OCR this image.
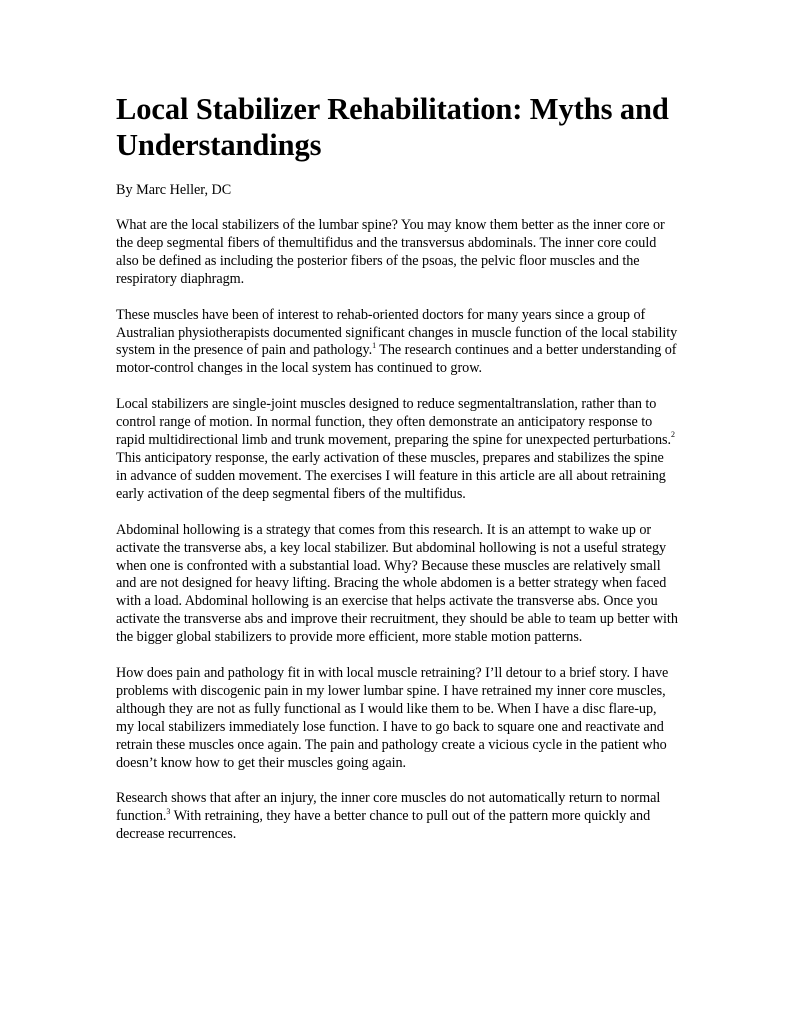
Local Stabilizer Rehabilitation: Myths and Understandings
By Marc Heller, DC

What are the local stabilizers of the lumbar spine? You may know them better as the inner core or the deep segmental fibers of themultifidus and the transversus abdominals. The inner core could also be defined as including the posterior fibers of the psoas, the pelvic floor muscles and the respiratory diaphragm.

These muscles have been of interest to rehab-oriented doctors for many years since a group of Australian physiotherapists documented significant changes in muscle function of the local stability system in the presence of pain and pathology.$^1$ The research continues and a better understanding of motor-control changes in the local system has continued to grow.

Local stabilizers are single-joint muscles designed to reduce segmentaltranslation, rather than to control range of motion. In normal function, they often demonstrate an anticipatory response to rapid multidirectional limb and trunk movement, preparing the spine for unexpected perturbations.$^2$ This anticipatory response, the early activation of these muscles, prepares and stabilizes the spine in advance of sudden movement. The exercises I will feature in this article are all about retraining early activation of the deep segmental fibers of the multifidus.

Abdominal hollowing is a strategy that comes from this research. It is an attempt to wake up or activate the transverse abs, a key local stabilizer. But abdominal hollowing is not a useful strategy when one is confronted with a substantial load. Why? Because these muscles are relatively small and are not designed for heavy lifting. Bracing the whole abdomen is a better strategy when faced with a load. Abdominal hollowing is an exercise that helps activate the transverse abs. Once you activate the transverse abs and improve their recruitment, they should be able to team up better with the bigger global stabilizers to provide more efficient, more stable motion patterns.

How does pain and pathology fit in with local muscle retraining? I’ll detour to a brief story. I have problems with discogenic pain in my lower lumbar spine. I have retrained my inner core muscles, although they are not as fully functional as I would like them to be. When I have a disc flare-up, my local stabilizers immediately lose function. I have to go back to square one and reactivate and retrain these muscles once again. The pain and pathology create a vicious cycle in the patient who doesn’t know how to get their muscles going again.

Research shows that after an injury, the inner core muscles do not automatically return to normal function.$^3$ With retraining, they have a better chance to pull out of the pattern more quickly and decrease recurrences.
